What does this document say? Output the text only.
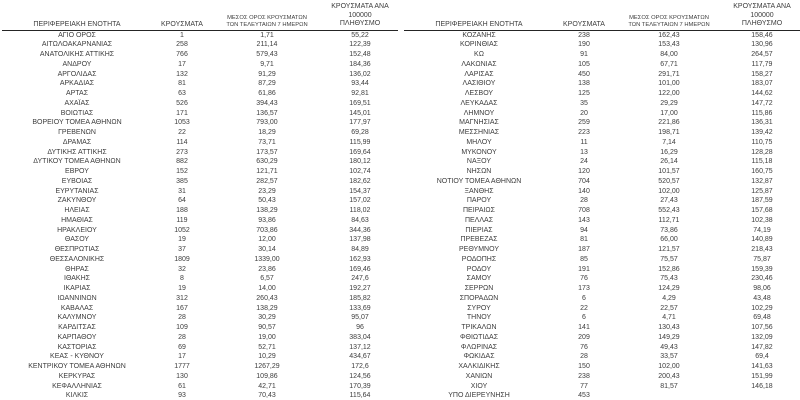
ΠΕΡΙΦΕΡΕΙΑΚΗ ΕΝΟΤΗΤΑ	ΚΡΟΥΣΜΑΤΑ

ΜΕΣΟΣ ΟΡΟΣ ΚΡΟΥΣΜΑΤΩΝ
ΤΩΝ ΤΕΛΕΥΤΑΙΩΝ 7 ΗΜΕΡΩΝ

ΚΡΟΥΣΜΑΤΑ ΑΝΑ 100000
ΠΛΗΘΥΣΜΟ

ΑΓΙΟ ΟΡΟΣ	1	1,71	55,22
ΑΙΤΩΛΟΑΚΑΡΝΑΝΙΑΣ	258	211,14	122,39
ΑΝΑΤΟΛΙΚΗΣ ΑΤΤΙΚΗΣ	766	579,43	152,48
ΑΝΔΡΟΥ	17	9,71	184,36
ΑΡΓΟΛΙΔΑΣ	132	91,29	136,02
ΑΡΚΑΔΙΑΣ	81	87,29	93,44
ΑΡΤΑΣ	63	61,86	92,81
ΑΧΑΪΑΣ	526	394,43	169,51
ΒΟΙΩΤΙΑΣ	171	136,57	145,01
ΒΟΡΕΙΟΥ ΤΟΜΕΑ ΑΘΗΝΩΝ	1053	793,00	177,97
ΓΡΕΒΕΝΩΝ	22	18,29	69,28
ΔΡΑΜΑΣ	114	73,71	115,99
ΔΥΤΙΚΗΣ ΑΤΤΙΚΗΣ	273	173,57	169,64
ΔΥΤΙΚΟΥ ΤΟΜΕΑ ΑΘΗΝΩΝ	882	630,29	180,12
ΕΒΡΟΥ	152	121,71	102,74
ΕΥΒΟΙΑΣ	385	282,57	182,62
ΕΥΡΥΤΑΝΙΑΣ	31	23,29	154,37
ΖΑΚΥΝΘΟΥ	64	50,43	157,02
ΗΛΕΙΑΣ	188	138,29	118,02
ΗΜΑΘΙΑΣ	119	93,86	84,63
ΗΡΑΚΛΕΙΟΥ	1052	703,86	344,36
ΘΑΣΟΥ	19	12,00	137,98
ΘΕΣΠΡΩΤΙΑΣ	37	30,14	84,89
ΘΕΣΣΑΛΟΝΙΚΗΣ	1809	1339,00	162,93
ΘΗΡΑΣ	32	23,86	169,46
ΙΘΑΚΗΣ	8	6,57	247,6
ΙΚΑΡΙΑΣ	19	14,00	192,27
ΙΩΑΝΝΙΝΩΝ	312	260,43	185,82
ΚΑΒΑΛΑΣ	167	138,29	133,69
ΚΑΛΥΜΝΟΥ	28	30,29	95,07
ΚΑΡΔΙΤΣΑΣ	109	90,57	96
ΚΑΡΠΑΘΟΥ	28	19,00	383,04
ΚΑΣΤΟΡΙΑΣ	69	52,71	137,12
ΚΕΑΣ - ΚΥΘΝΟΥ	17	10,29	434,67
ΚΕΝΤΡΙΚΟΥ ΤΟΜΕΑ ΑΘΗΝΩΝ	1777	1267,29	172,6
ΚΕΡΚΥΡΑΣ	130	109,86	124,56
ΚΕΦΑΛΛΗΝΙΑΣ	61	42,71	170,39
ΚΙΛΚΙΣ	93	70,43	115,64
ΠΕΡΙΦΕΡΕΙΑΚΗ ΕΝΟΤΗΤΑ	ΚΡΟΥΣΜΑΤΑ

ΜΕΣΟΣ ΟΡΟΣ ΚΡΟΥΣΜΑΤΩΝ
ΤΩΝ ΤΕΛΕΥΤΑΙΩΝ 7 ΗΜΕΡΩΝ

ΚΡΟΥΣΜΑΤΑ ΑΝΑ 100000
ΠΛΗΘΥΣΜΟ

ΚΟΖΑΝΗΣ	238	162,43	158,46
ΚΟΡΙΝΘΙΑΣ	190	153,43	130,96
ΚΩ	91	84,00	264,57
ΛΑΚΩΝΙΑΣ	105	67,71	117,79
ΛΑΡΙΣΑΣ	450	291,71	158,27
ΛΑΣΙΘΙΟΥ	138	101,00	183,07
ΛΕΣΒΟΥ	125	122,00	144,62
ΛΕΥΚΑΔΑΣ	35	29,29	147,72
ΛΗΜΝΟΥ	20	17,00	115,86
ΜΑΓΝΗΣΙΑΣ	259	221,86	136,31
ΜΕΣΣΗΝΙΑΣ	223	198,71	139,42
ΜΗΛΟΥ	11	7,14	110,75
ΜΥΚΟΝΟΥ	13	16,29	128,28
ΝΑΞΟΥ	24	26,14	115,18
ΝΗΣΩΝ	120	101,57	160,75
ΝΟΤΙΟΥ ΤΟΜΕΑ ΑΘΗΝΩΝ	704	520,57	132,87
ΞΑΝΘΗΣ	140	102,00	125,87
ΠΑΡΟΥ	28	27,43	187,59
ΠΕΙΡΑΙΩΣ	708	552,43	157,68
ΠΕΛΛΑΣ	143	112,71	102,38
ΠΙΕΡΙΑΣ	94	73,86	74,19
ΠΡΕΒΕΖΑΣ	81	66,00	140,89
ΡΕΘΥΜΝΟΥ	187	121,57	218,43
ΡΟΔΟΠΗΣ	85	75,57	75,87
ΡΟΔΟΥ	191	152,86	159,39
ΣΑΜΟΥ	76	75,43	230,46
ΣΕΡΡΩΝ	173	124,29	98,06
ΣΠΟΡΑΔΩΝ	6	4,29	43,48
ΣΥΡΟΥ	22	22,57	102,29
ΤΗΝΟΥ	6	4,71	69,48
ΤΡΙΚΑΛΩΝ	141	130,43	107,56
ΦΘΙΩΤΙΔΑΣ	209	149,29	132,09
ΦΛΩΡΙΝΑΣ	76	49,43	147,82
ΦΩΚΙΔΑΣ	28	33,57	69,4
ΧΑΛΚΙΔΙΚΗΣ	150	102,00	141,63
ΧΑΝΙΩΝ	238	200,43	151,99
ΧΙΟΥ	77	81,57	146,18
ΥΠΟ ΔΙΕΡΕΥΝΗΣΗ	453		
